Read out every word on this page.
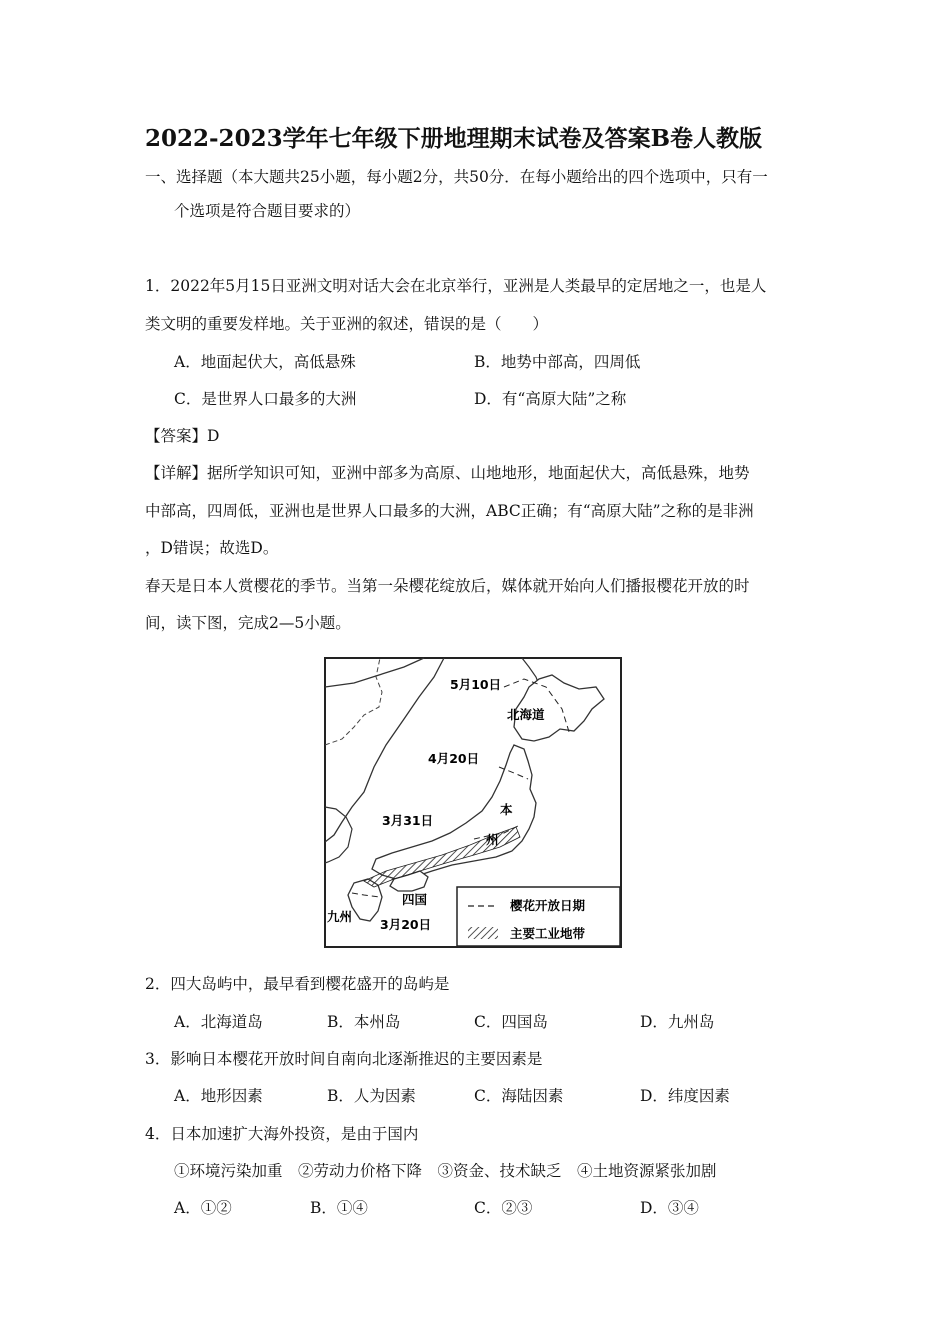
2022-2023学年七年级下册地理期末试卷及答案B卷人教版
一、选择题（本大题共25小题，每小题2分，共50分．在每小题给出的四个选项中，只有一
个选项是符合题目要求的）
1．2022年5月15日亚洲文明对话大会在北京举行，亚洲是人类最早的定居地之一，也是人
类文明的重要发样地。关于亚洲的叙述，错误的是（　　）
A．地面起伏大，高低悬殊	B．地势中部高，四周低
C．是世界人口最多的大洲	D．有“高原大陆”之称
【答案】D
【详解】据所学知识可知，亚洲中部多为高原、山地地形，地面起伏大，高低悬殊，地势
中部高，四周低，亚洲也是世界人口最多的大洲，ABC正确；有“高原大陆”之称的是非洲
，D错误；故选D。
春天是日本人赏樱花的季节。当第一朵樱花绽放后，媒体就开始向人们播报樱花开放的时
间，读下图，完成2—5小题。
5月10日
北海道
4月20日
3月31日
本
州
四国
九州
3月20日
樱花开放日期
主要工业地带
2．四大岛屿中，最早看到樱花盛开的岛屿是
A．北海道岛	B．本州岛	C．四国岛	D．九州岛
3．影响日本樱花开放时间自南向北逐渐推迟的主要因素是
A．地形因素	B．人为因素	C．海陆因素	D．纬度因素
4．日本加速扩大海外投资，是由于国内
①环境污染加重　②劳动力价格下降　③资金、技术缺乏　④土地资源紧张加剧
A．①②	B．①④	C．②③	D．③④
